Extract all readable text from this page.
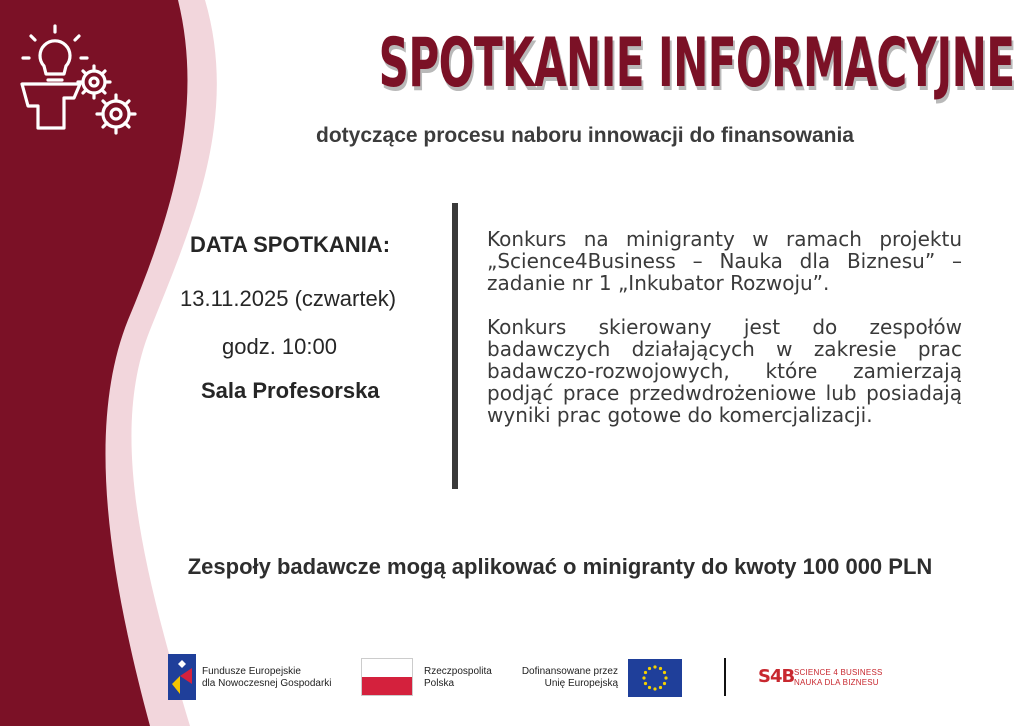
SPOTKANIE INFORMACYJNE
dotyczące procesu naboru innowacji do finansowania
DATA SPOTKANIA:
13.11.2025 (czwartek)
godz. 10:00
Sala Profesorska

Konkurs na minigranty w ramach projektu „Science4Business – Nauka dla Biznesu” – zadanie nr 1 „Inkubator Rozwoju”.

Konkurs skierowany jest do zespołów badawczych działających w zakresie prac badawczo-rozwojowych, które zamierzają podjąć prace przedwdrożeniowe lub posiadają wyniki prac gotowe do komercjalizacji.

Zespoły badawcze mogą aplikować o minigranty do kwoty 100 000 PLN
Fundusze Europejskie
dla Nowoczesnej Gospodarki
Rzeczpospolita
Polska
Dofinansowane przez
Unię Europejską	S4B SCIENCE 4 BUSINESS
NAUKA DLA BIZNESU
